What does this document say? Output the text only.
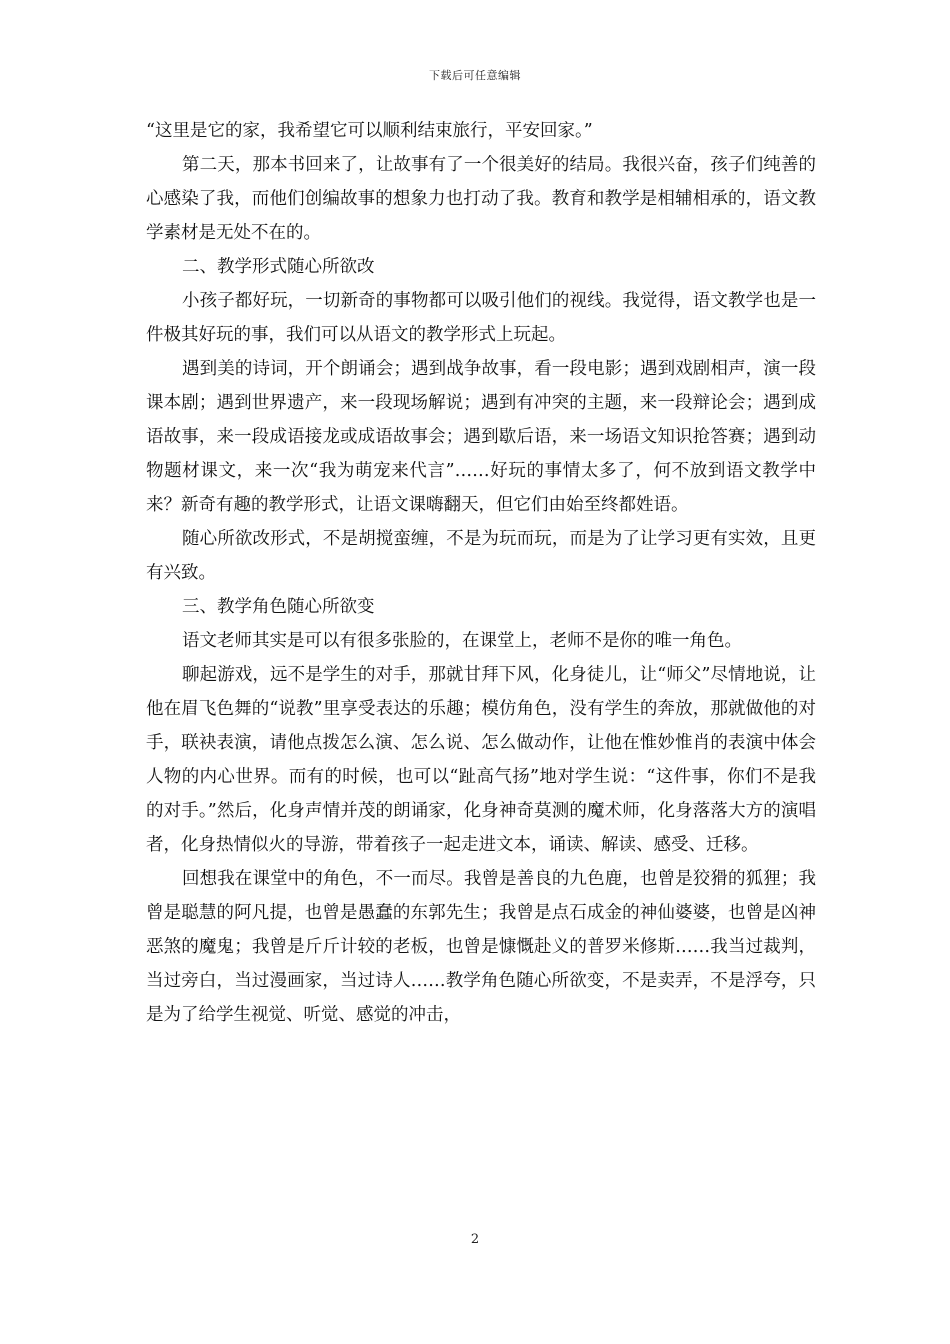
下载后可任意编辑

“这里是它的家，我希望它可以顺利结束旅行，平安回家。”

第二天，那本书回来了，让故事有了一个很美好的结局。我很兴奋，孩子们纯善的心感染了我，而他们创编故事的想象力也打动了我。教育和教学是相辅相承的，语文教学素材是无处不在的。

二、教学形式随心所欲改

小孩子都好玩，一切新奇的事物都可以吸引他们的视线。我觉得，语文教学也是一件极其好玩的事，我们可以从语文的教学形式上玩起。

遇到美的诗词，开个朗诵会；遇到战争故事，看一段电影；遇到戏剧相声，演一段课本剧；遇到世界遗产，来一段现场解说；遇到有冲突的主题，来一段辩论会；遇到成语故事，来一段成语接龙或成语故事会；遇到歇后语，来一场语文知识抢答赛；遇到动物题材课文，来一次“我为萌宠来代言”……好玩的事情太多了，何不放到语文教学中来？新奇有趣的教学形式，让语文课嗨翻天，但它们由始至终都姓语。

随心所欲改形式，不是胡搅蛮缠，不是为玩而玩，而是为了让学习更有实效，且更有兴致。

三、教学角色随心所欲变

语文老师其实是可以有很多张脸的，在课堂上，老师不是你的唯一角色。

聊起游戏，远不是学生的对手，那就甘拜下风，化身徒儿，让“师父”尽情地说，让他在眉飞色舞的“说教”里享受表达的乐趣；模仿角色，没有学生的奔放，那就做他的对手，联袂表演，请他点拨怎么演、怎么说、怎么做动作，让他在惟妙惟肖的表演中体会人物的内心世界。而有的时候，也可以“趾高气扬”地对学生说：“这件事，你们不是我的对手。”然后，化身声情并茂的朗诵家，化身神奇莫测的魔术师，化身落落大方的演唱者，化身热情似火的导游，带着孩子一起走进文本，诵读、解读、感受、迁移。

回想我在课堂中的角色，不一而尽。我曾是善良的九色鹿，也曾是狡猾的狐狸；我曾是聪慧的阿凡提，也曾是愚蠢的东郭先生；我曾是点石成金的神仙婆婆，也曾是凶神恶煞的魔鬼；我曾是斤斤计较的老板，也曾是慷慨赴义的普罗米修斯……我当过裁判，当过旁白，当过漫画家，当过诗人……教学角色随心所欲变，不是卖弄，不是浮夸，只是为了给学生视觉、听觉、感觉的冲击，

2
